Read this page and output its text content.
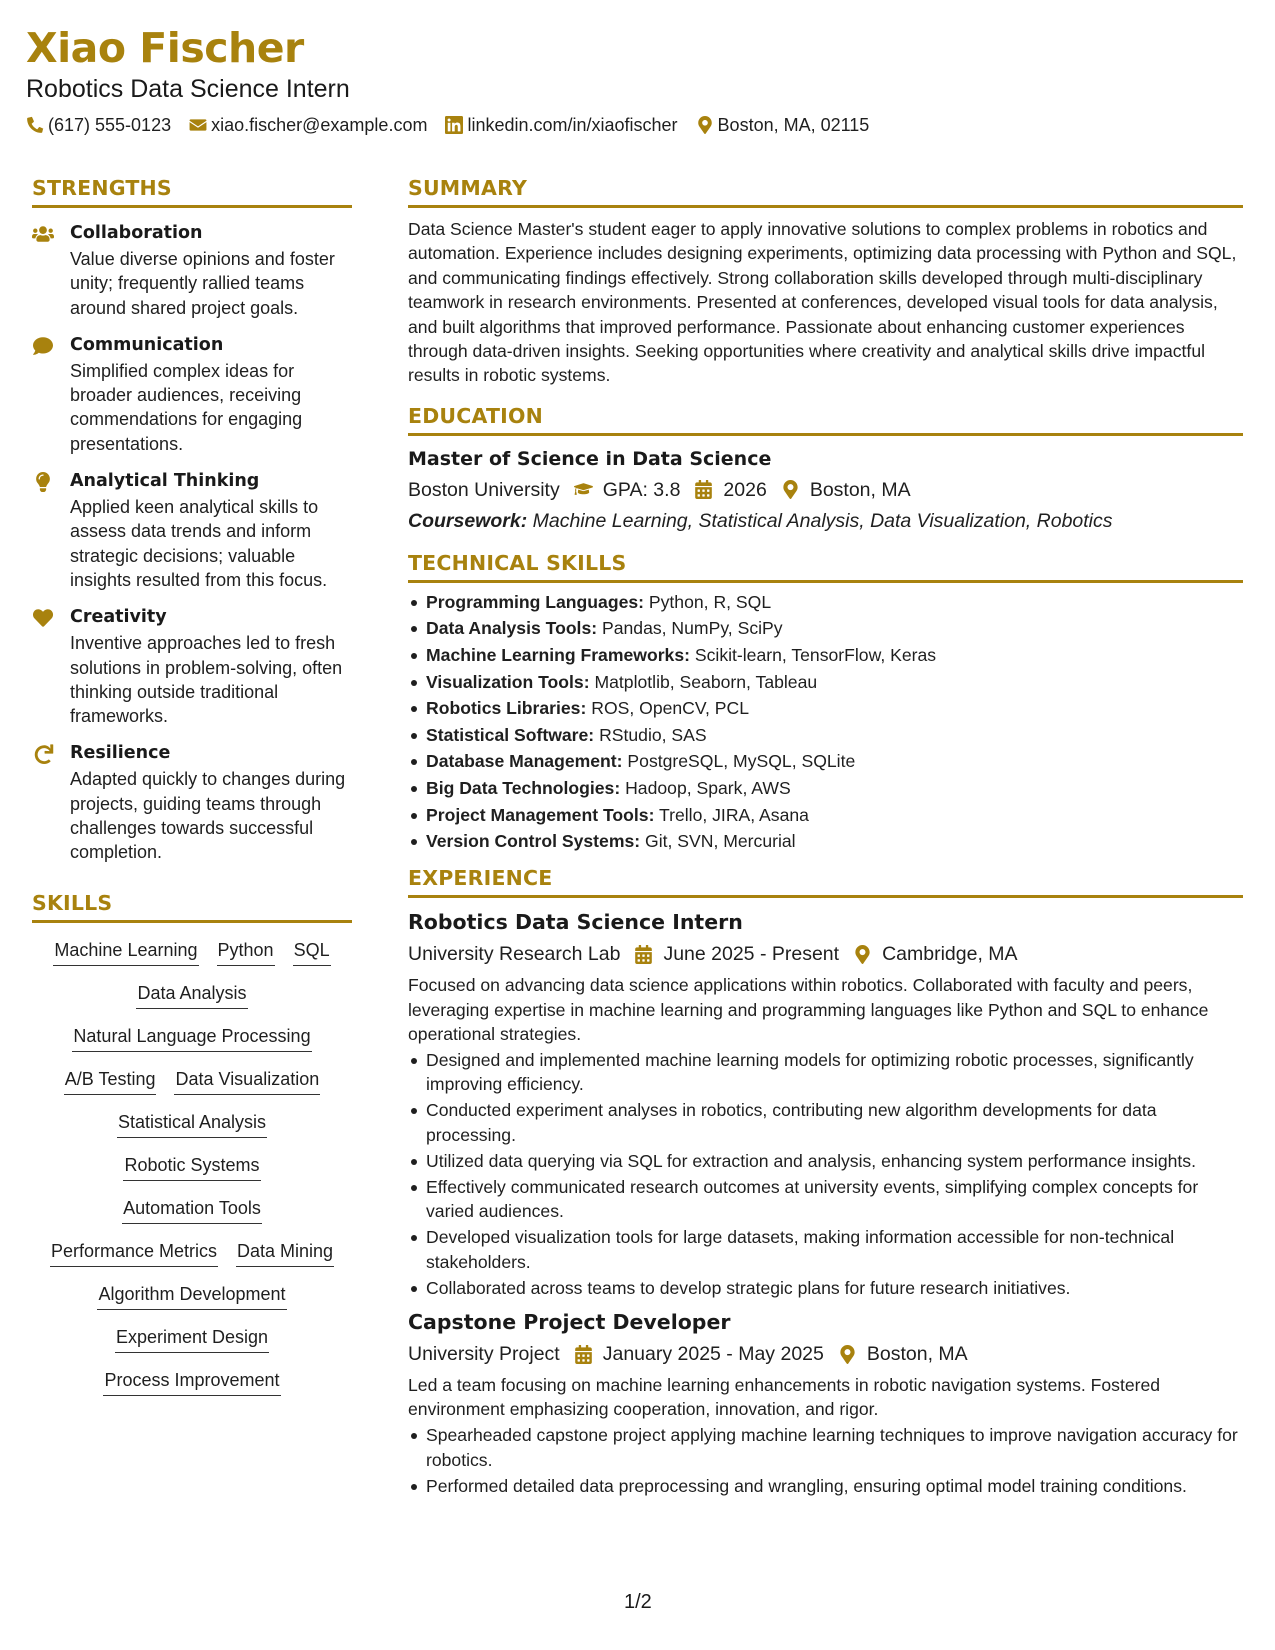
Xiao Fischer
Robotics Data Science Intern
(617) 555-0123 xiao.fischer@example.com linkedin.com/in/xiaofischer Boston, MA, 02115
STRENGTHS
Collaboration
Value diverse opinions and foster unity; frequently rallied teams around shared project goals.
Communication
Simplified complex ideas for broader audiences, receiving commendations for engaging presentations.
Analytical Thinking
Applied keen analytical skills to assess data trends and inform strategic decisions; valuable insights resulted from this focus.
Creativity
Inventive approaches led to fresh solutions in problem-solving, often thinking outside traditional frameworks.
Resilience
Adapted quickly to changes during projects, guiding teams through challenges towards successful completion.
SKILLS
Machine Learning Python SQL
Data Analysis
Natural Language Processing
A/B Testing Data Visualization
Statistical Analysis
Robotic Systems
Automation Tools
Performance Metrics Data Mining
Algorithm Development
Experiment Design
Process Improvement
SUMMARY
Data Science Master's student eager to apply innovative solutions to complex problems in robotics and automation. Experience includes designing experiments, optimizing data processing with Python and SQL, and communicating findings effectively. Strong collaboration skills developed through multi-disciplinary teamwork in research environments. Presented at conferences, developed visual tools for data analysis, and built algorithms that improved performance. Passionate about enhancing customer experiences through data-driven insights. Seeking opportunities where creativity and analytical skills drive impactful results in robotic systems.
EDUCATION
Master of Science in Data Science
Boston University GPA: 3.8 2026 Boston, MA
Coursework: Machine Learning, Statistical Analysis, Data Visualization, Robotics
TECHNICAL SKILLS
Programming Languages: Python, R, SQL
Data Analysis Tools: Pandas, NumPy, SciPy
Machine Learning Frameworks: Scikit-learn, TensorFlow, Keras
Visualization Tools: Matplotlib, Seaborn, Tableau
Robotics Libraries: ROS, OpenCV, PCL
Statistical Software: RStudio, SAS
Database Management: PostgreSQL, MySQL, SQLite
Big Data Technologies: Hadoop, Spark, AWS
Project Management Tools: Trello, JIRA, Asana
Version Control Systems: Git, SVN, Mercurial
EXPERIENCE
Robotics Data Science Intern
University Research Lab June 2025 - Present Cambridge, MA
Focused on advancing data science applications within robotics. Collaborated with faculty and peers, leveraging expertise in machine learning and programming languages like Python and SQL to enhance operational strategies.
Designed and implemented machine learning models for optimizing robotic processes, significantly improving efficiency.
Conducted experiment analyses in robotics, contributing new algorithm developments for data processing.
Utilized data querying via SQL for extraction and analysis, enhancing system performance insights.
Effectively communicated research outcomes at university events, simplifying complex concepts for varied audiences.
Developed visualization tools for large datasets, making information accessible for non-technical stakeholders.
Collaborated across teams to develop strategic plans for future research initiatives.
Capstone Project Developer
University Project January 2025 - May 2025 Boston, MA
Led a team focusing on machine learning enhancements in robotic navigation systems. Fostered environment emphasizing cooperation, innovation, and rigor.
Spearheaded capstone project applying machine learning techniques to improve navigation accuracy for robotics.
Performed detailed data preprocessing and wrangling, ensuring optimal model training conditions.
1/2
